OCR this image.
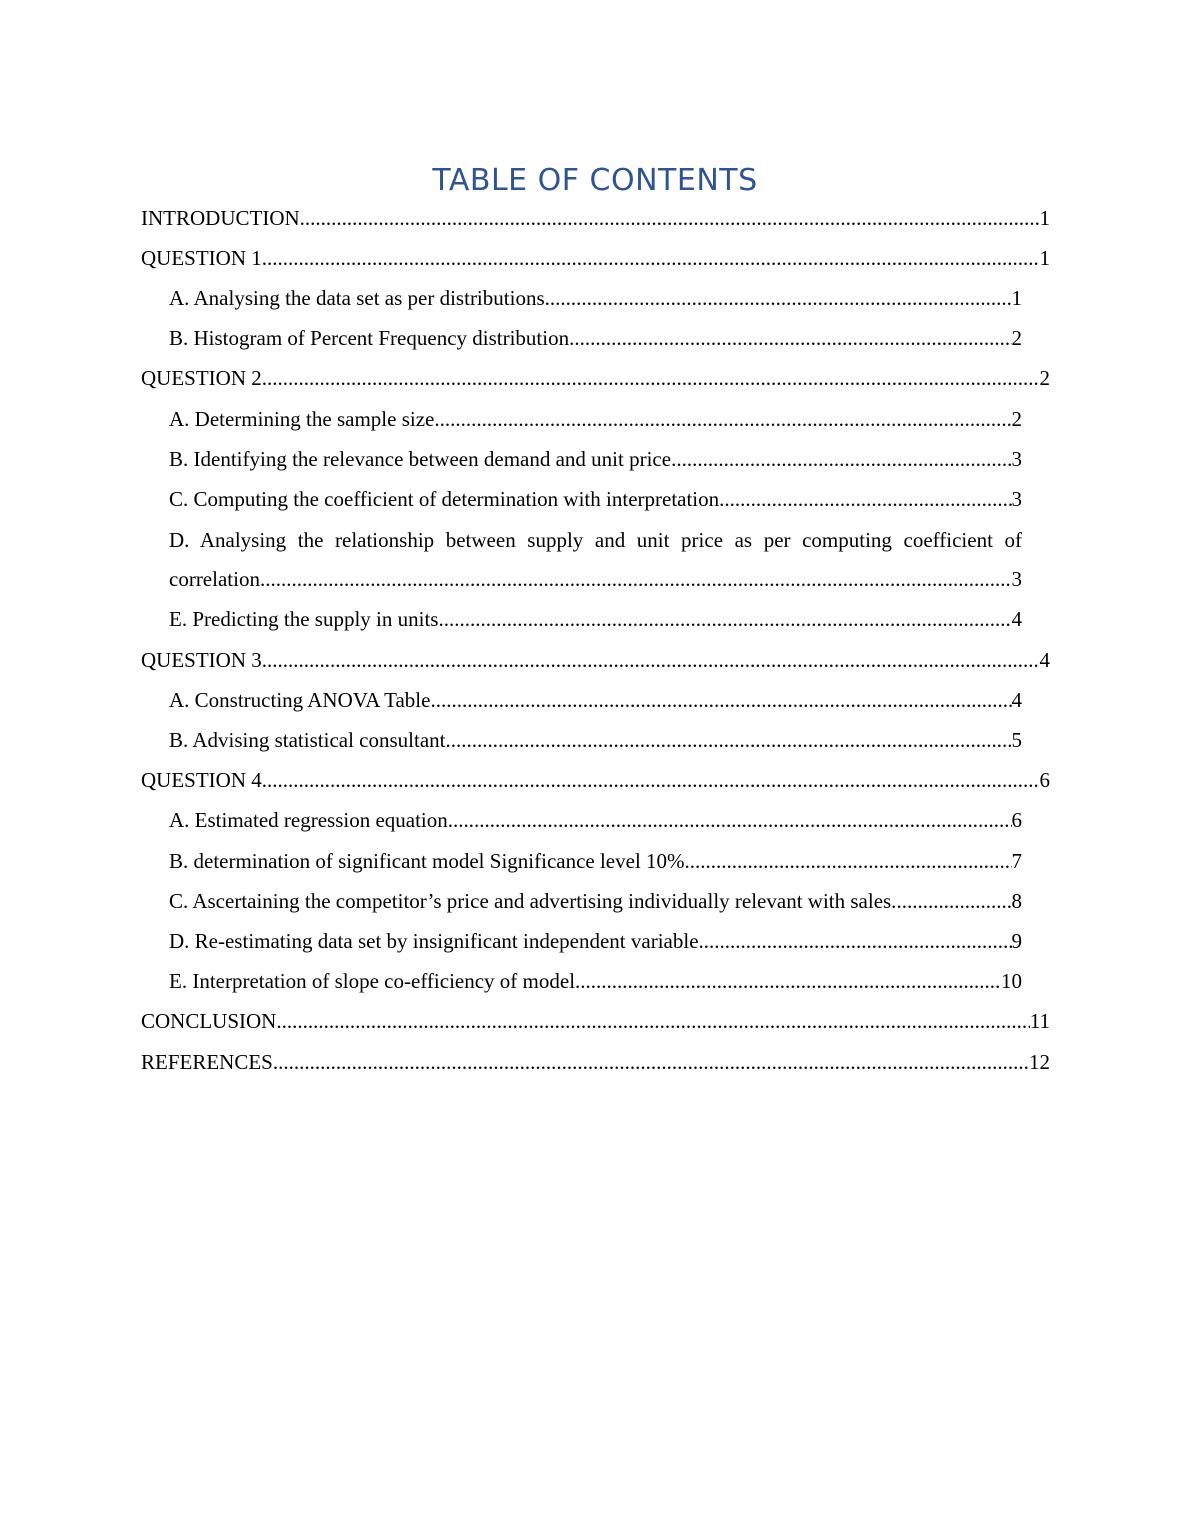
TABLE OF CONTENTS
INTRODUCTION .....	1
QUESTION 1 .....	1
A. Analysing the data set as per distributions .....	1
B. Histogram of Percent Frequency distribution .....	2
QUESTION 2 .....	2
A. Determining the sample size .....	2
B. Identifying the relevance between demand and unit price .....	3
C. Computing the coefficient of determination with interpretation .....	3
D. Analysing the relationship between supply and unit price as per computing coefficient of
correlation .....	3
E. Predicting the supply in units .....	4
QUESTION 3 .....	4
A. Constructing ANOVA Table .....	4
B. Advising statistical consultant .....	5
QUESTION 4 .....	6
A. Estimated regression equation .....	6
B. determination of significant model Significance level 10% .....	7
C. Ascertaining the competitor’s price and advertising individually relevant with sales. .....	8
D. Re-estimating data set by insignificant independent variable .....	9
E. Interpretation of slope co-efficiency of model .....	10
CONCLUSION .....	11
REFERENCES .....	12
